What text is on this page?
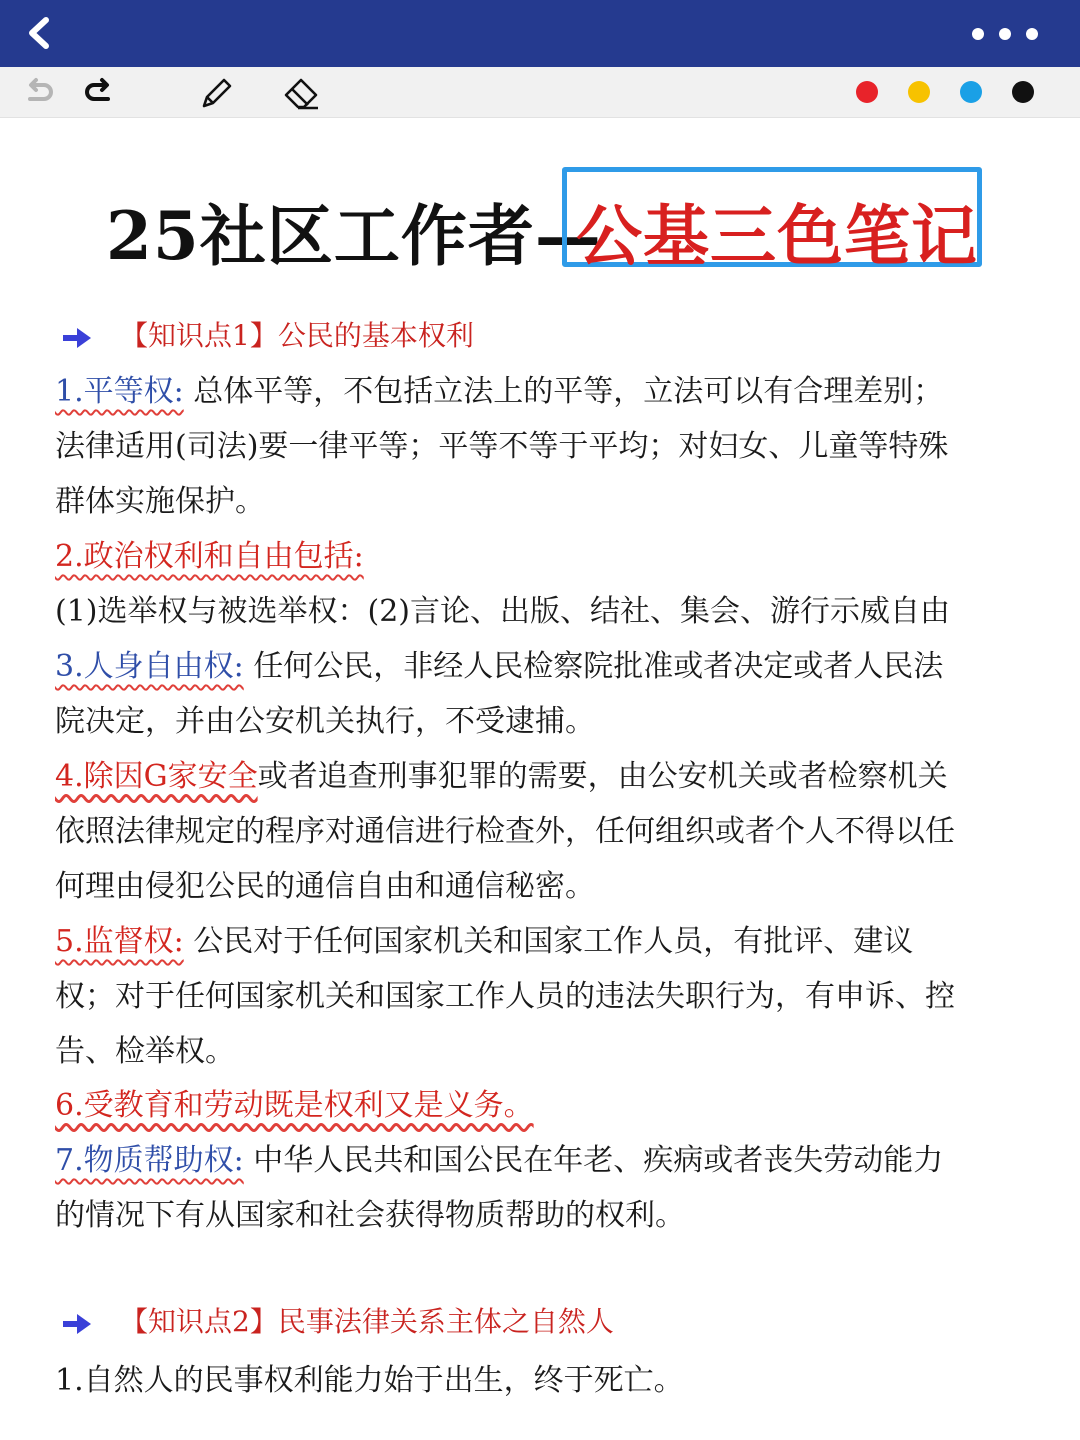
25社区工作者—
公基三色笔记
【知识点1】公民的基本权利
1.平等权: 总体平等，不包括立法上的平等，立法可以有合理差别；
法律适用(司法)要一律平等；平等不等于平均；对妇女、儿童等特殊
群体实施保护。
2.政治权利和自由包括:
(1)选举权与被选举权：(2)言论、出版、结社、集会、游行示威自由
3.人身自由权: 任何公民，非经人民检察院批准或者决定或者人民法
院决定，并由公安机关执行，不受逮捕。
4.除因G家安全或者追查刑事犯罪的需要，由公安机关或者检察机关
依照法律规定的程序对通信进行检查外，任何组织或者个人不得以任
何理由侵犯公民的通信自由和通信秘密。
5.监督权: 公民对于任何国家机关和国家工作人员，有批评、建议
权；对于任何国家机关和国家工作人员的违法失职行为，有申诉、控
告、检举权。
6.受教育和劳动既是权利又是义务。
7.物质帮助权: 中华人民共和国公民在年老、疾病或者丧失劳动能力
的情况下有从国家和社会获得物质帮助的权利。
【知识点2】民事法律关系主体之自然人
1.自然人的民事权利能力始于出生，终于死亡。
